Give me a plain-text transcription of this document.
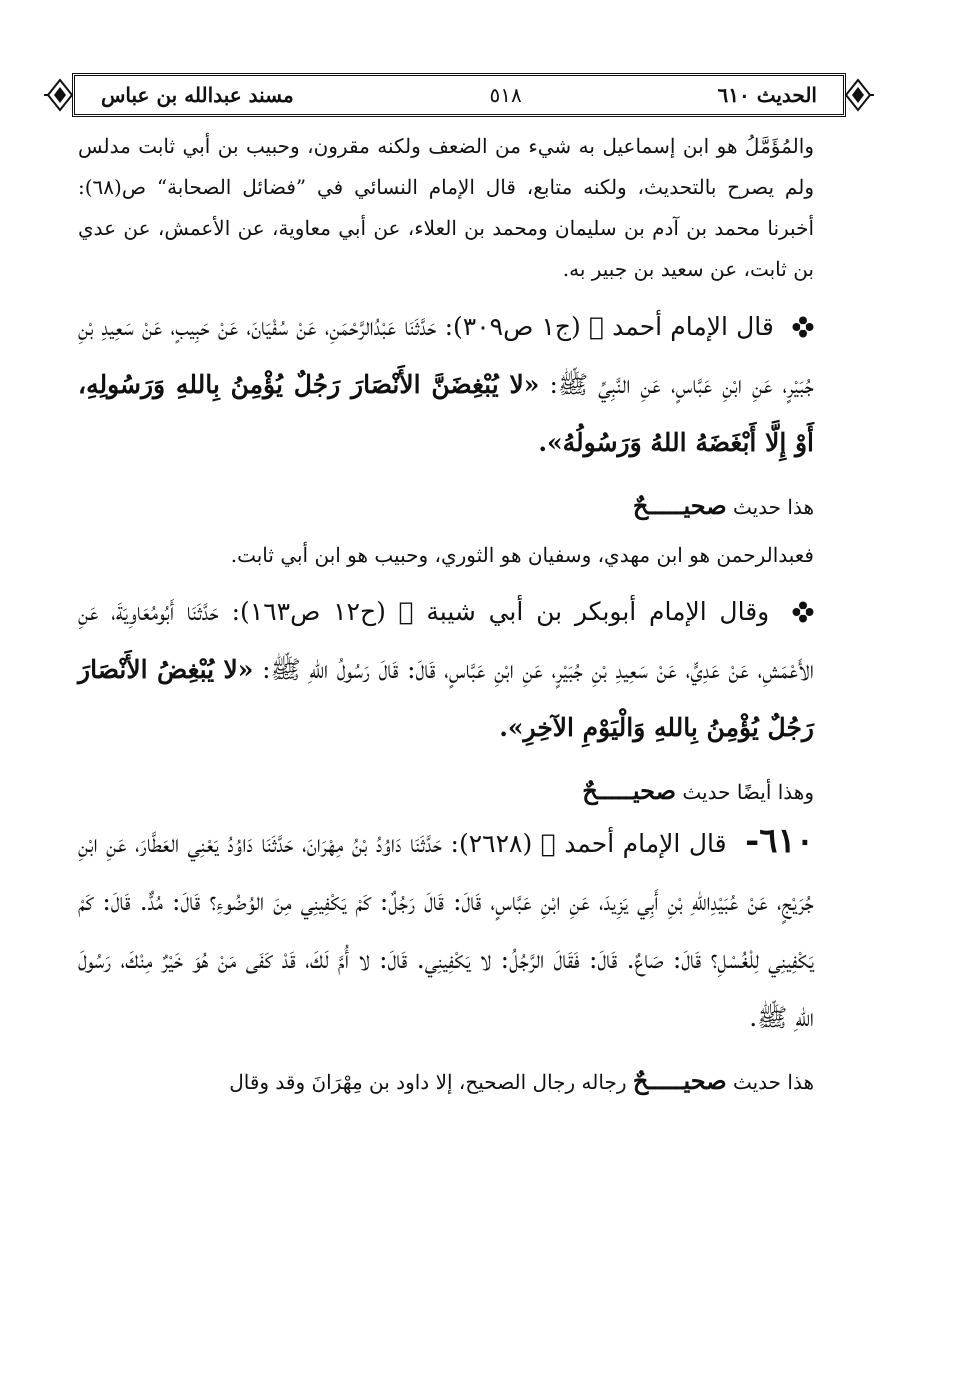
الحديث ٦١٠
٥١٨
مسند عبدالله بن عباس

والمُؤَمَّلُ هو ابن إسماعيل به شيء من الضعف ولكنه مقرون، وحبيب بن أبي ثابت مدلس ولم يصرح بالتحديث، ولكنه متابع، قال الإمام النسائي في ”فضائل الصحابة“ ص(٦٨): أخبرنا محمد بن آدم بن سليمان ومحمد بن العلاء، عن أبي معاوية، عن الأعمش، عن عدي بن ثابت، عن سعيد بن جبير به.

قال الإمام أحمد ﷬ (ج١ ص٣٠٩): حَدَّثَنَا عَبْدُالرَّحْمَنِ، عَنْ سُفْيَانَ، عَنْ حَبِيبٍ، عَنْ سَعِيدِ بْنِ جُبَيْرٍ، عَنِ ابْنِ عَبَّاسٍ، عَنِ النَّبِيِّ ﷺ: «لا يُبْغِضَنَّ الأَنْصَارَ رَجُلٌ يُؤْمِنُ بِاللهِ وَرَسُولِهِ، أَوْ إِلَّا أَبْغَضَهُ اللهُ وَرَسُولُهُ».

هذا حديث صحيـــــحٌ

فعبدالرحمن هو ابن مهدي، وسفيان هو الثوري، وحبيب هو ابن أبي ثابت.

وقال الإمام أبوبكر بن أبي شيبة ﷬ (ح١٢ ص١٦٣): حَدَّثَنَا أَبُومُعَاوِيَةَ، عَنِ الأَعْمَشِ، عَنْ عَدِيٍّ، عَنْ سَعِيدِ بْنِ جُبَيْرٍ، عَنِ ابْنِ عَبَّاسٍ، قَالَ: قَالَ رَسُولُ اللهِ ﷺ: «لا يُبْغِضُ الأَنْصَارَ رَجُلٌ يُؤْمِنُ بِاللهِ وَالْيَوْمِ الآخِرِ».

وهذا أيضًا حديث صحيـــــحٌ

٦١٠- قال الإمام أحمد ﷬ (٢٦٢٨): حَدَّثَنَا دَاوُدُ بْنُ مِهْرَانَ، حَدَّثَنَا دَاوُدُ يَعْنِي العَطَّارَ، عَنِ ابْنِ جُرَيْجٍ، عَنْ عُبَيْدِاللهِ بْنِ أَبِي يَزِيدَ، عَنِ ابْنِ عَبَّاسٍ، قَالَ: قَالَ رَجُلٌ: كَمْ يَكْفِينِي مِنَ الوُضُوءِ؟ قَالَ: مُدٌّ. قَالَ: كَمْ يَكْفِينِي لِلْغُسْلِ؟ قَالَ: صَاعٌ. قَالَ: فَقَالَ الرَّجُلُ: لا يَكْفِينِي. قَالَ: لا أُمَّ لَكَ، قَدْ كَفَى مَنْ هُوَ خَيْرٌ مِنْكَ، رَسُولَ اللهِ ﷺ.

هذا حديث صحيـــــحٌ رجاله رجال الصحيح، إلا داود بن مِهْرَانَ وقد وقال
